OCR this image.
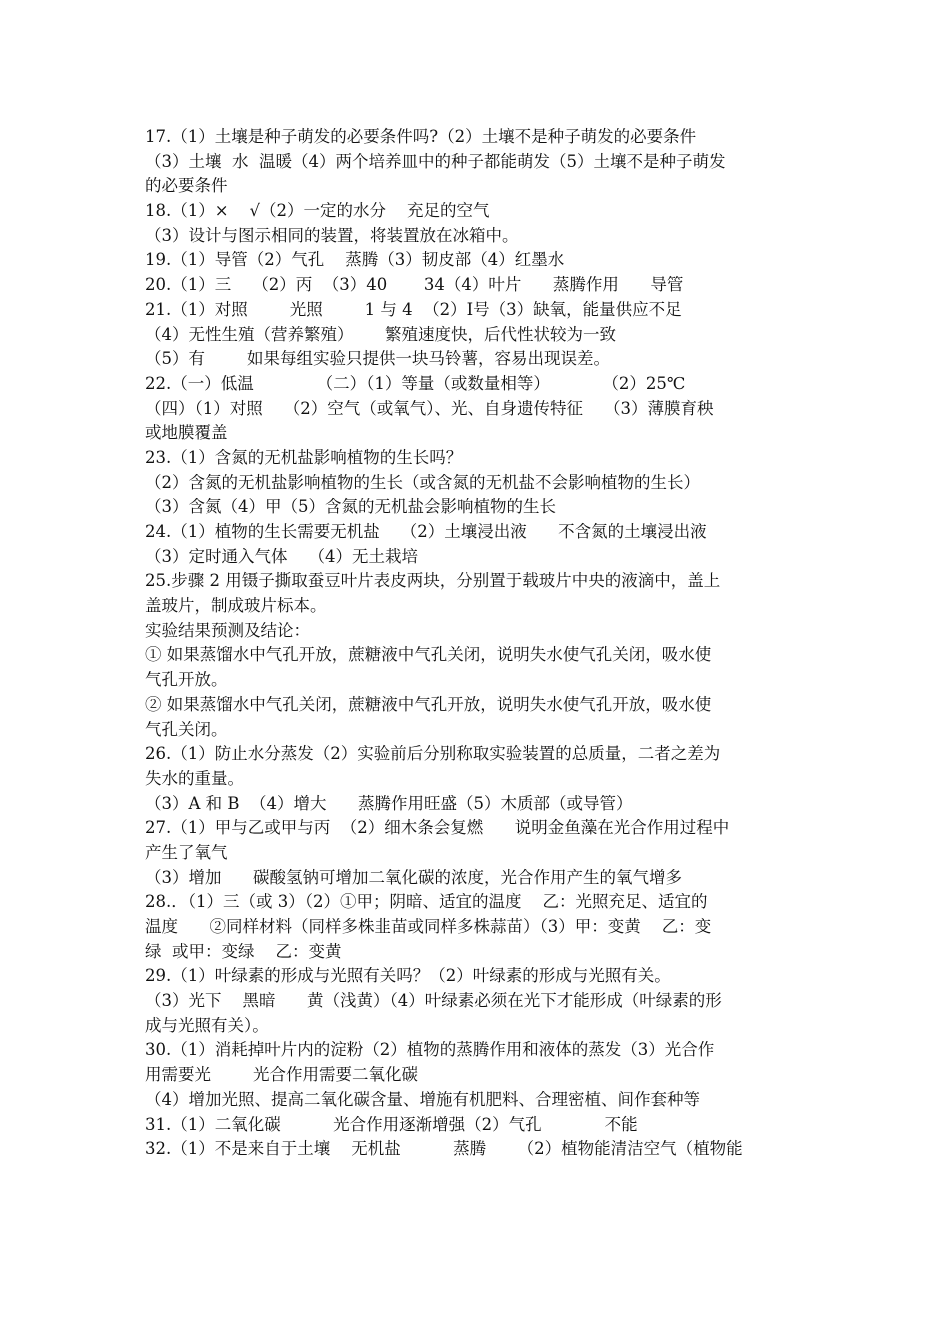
17.（1）土壤是种子萌发的必要条件吗?（2）土壤不是种子萌发的必要条件
（3）土壤  水  温暖（4）两个培养皿中的种子都能萌发（5）土壤不是种子萌发
的必要条件
18.（1）×    √（2）一定的水分    充足的空气
（3）设计与图示相同的装置，将装置放在冰箱中。
19.（1）导管（2）气孔    蒸腾（3）韧皮部（4）红墨水
20.（1）三    （2）丙  （3）40       34（4）叶片      蒸腾作用      导管
21.（1）对照        光照        1 与 4  （2）Ⅰ号（3）缺氧，能量供应不足
（4）无性生殖（营养繁殖）      繁殖速度快，后代性状较为一致
（5）有        如果每组实验只提供一块马铃薯，容易出现误差。
22.（一）低温            （二）（1）等量（或数量相等）          （2）25℃
（四）（1）对照    （2）空气（或氧气）、光、自身遗传特征    （3）薄膜育秧
或地膜覆盖
23.（1）含氮的无机盐影响植物的生长吗？
（2）含氮的无机盐影响植物的生长（或含氮的无机盐不会影响植物的生长）
（3）含氮（4）甲（5）含氮的无机盐会影响植物的生长
24.（1）植物的生长需要无机盐    （2）土壤浸出液      不含氮的土壤浸出液
（3）定时通入气体    （4）无土栽培
25.步骤 2 用镊子撕取蚕豆叶片表皮两块，分别置于载玻片中央的液滴中，盖上
盖玻片，制成玻片标本。
实验结果预测及结论：
① 如果蒸馏水中气孔开放，蔗糖液中气孔关闭，说明失水使气孔关闭，吸水使
气孔开放。
② 如果蒸馏水中气孔关闭，蔗糖液中气孔开放，说明失水使气孔开放，吸水使
气孔关闭。
26.（1）防止水分蒸发（2）实验前后分别称取实验装置的总质量，二者之差为
失水的重量。
（3）A 和 B  （4）增大      蒸腾作用旺盛（5）木质部（或导管）
27.（1）甲与乙或甲与丙  （2）细木条会复燃      说明金鱼藻在光合作用过程中
产生了氧气
（3）增加      碳酸氢钠可增加二氧化碳的浓度，光合作用产生的氧气增多
28.．（1）三（或 3）（2）①甲；阴暗、适宜的温度    乙：光照充足、适宜的
温度      ②同样材料（同样多株韭苗或同样多株蒜苗）（3）甲：变黄    乙：变
绿  或甲：变绿    乙：变黄
29.（1）叶绿素的形成与光照有关吗？（2）叶绿素的形成与光照有关。
（3）光下    黑暗      黄（浅黄）（4）叶绿素必须在光下才能形成（叶绿素的形
成与光照有关）。
30.（1）消耗掉叶片内的淀粉（2）植物的蒸腾作用和液体的蒸发（3）光合作
用需要光        光合作用需要二氧化碳
（4）增加光照、提高二氧化碳含量、增施有机肥料、合理密植、间作套种等
31.（1）二氧化碳          光合作用逐渐增强（2）气孔            不能
32.（1）不是来自于土壤    无机盐          蒸腾      （2）植物能清洁空气（植物能
